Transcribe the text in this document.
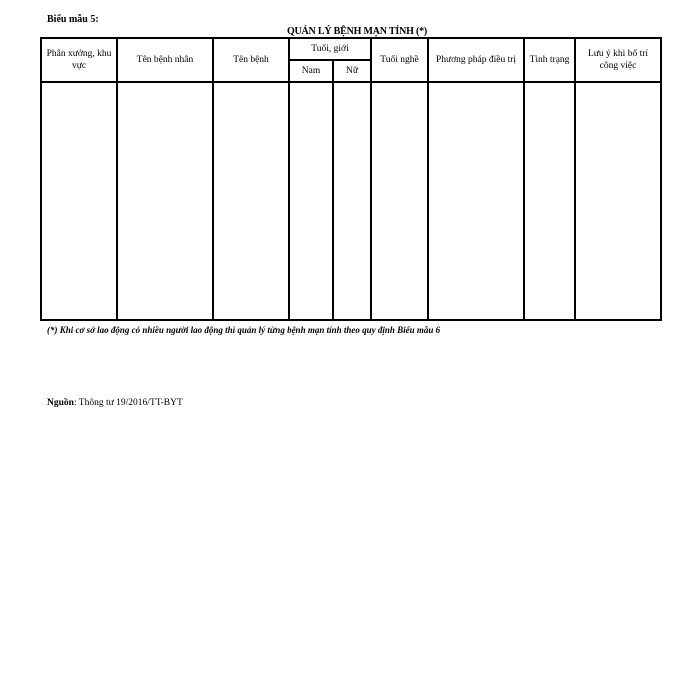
Biểu mẫu 5:
QUẢN LÝ BỆNH MẠN TÍNH (*)
Phân xưởng, khu vực	Tên bệnh nhân	Tên bệnh	Tuổi, giới		Tuổi nghề	Phương pháp điều trị	Tình trạng	Lưu ý khi bố trí công việc
			Nam	Nữ				

(*) Khi cơ sở lao động có nhiều người lao động thì quản lý từng bệnh mạn tính theo quy định Biểu mẫu 6
Nguồn: Thông tư 19/2016/TT-BYT
